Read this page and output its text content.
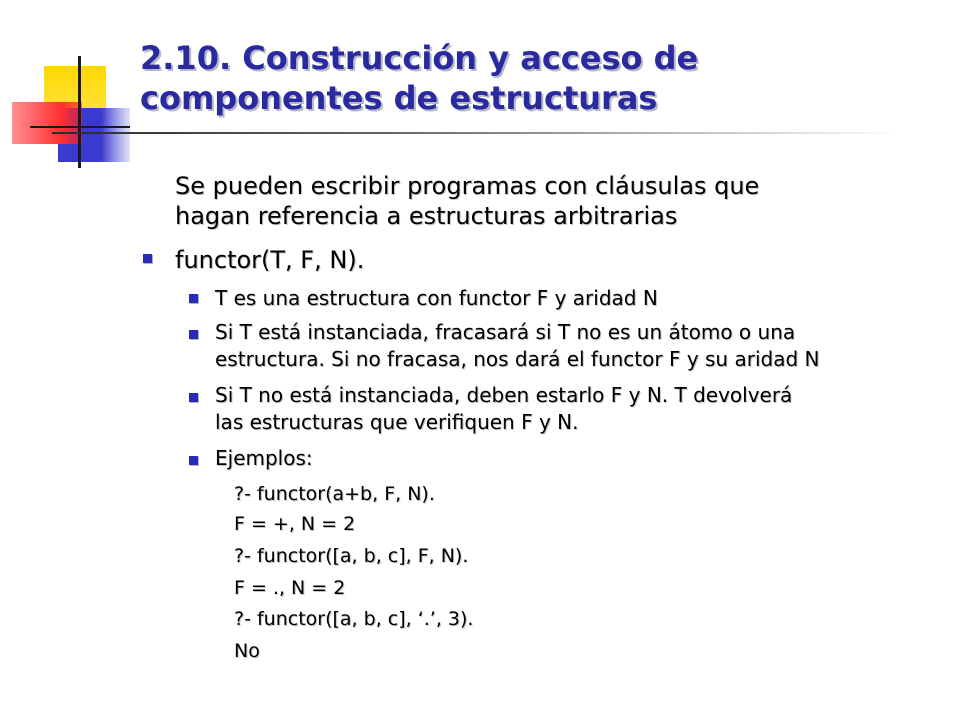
2.10. Construcción y acceso de
componentes de estructuras

Se pueden escribir programas con cláusulas que

hagan referencia a estructuras arbitrarias

functor(T, F, N).

T es una estructura con functor F y aridad N

Si T está instanciada, fracasará si T no es un átomo o una

estructura. Si no fracasa, nos dará el functor F y su aridad N

Si T no está instanciada, deben estarlo F y N. T devolverá

las estructuras que verifiquen F y N.

Ejemplos:

?- functor(a+b, F, N).

F = +, N = 2

?- functor([a, b, c], F, N).

F = ., N = 2

?- functor([a, b, c], ‘.’, 3).

No
